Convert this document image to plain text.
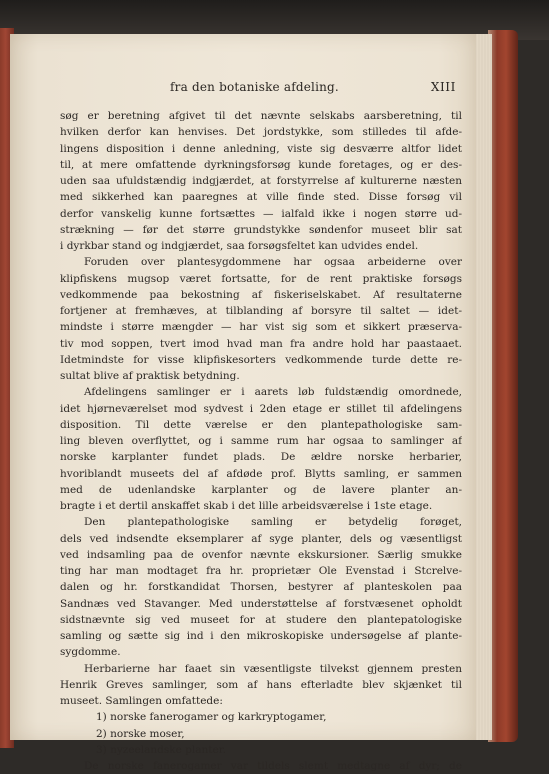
fra den botaniske afdeling.	XIII
søg er beretning afgivet til det nævnte selskabs aarsberetning, til
hvilken derfor kan henvises. Det jordstykke, som stilledes til afde-
lingens disposition i denne anledning, viste sig desværre altfor lidet
til, at mere omfattende dyrkningsforsøg kunde foretages, og er des-
uden saa ufuldstændig indgjærdet, at forstyrrelse af kulturerne næsten
med sikkerhed kan paaregnes at ville finde sted. Disse forsøg vil
derfor vanskelig kunne fortsættes — ialfald ikke i nogen større ud-
strækning — før det større grundstykke søndenfor museet blir sat
i dyrkbar stand og indgjærdet, saa forsøgsfeltet kan udvides endel.
Foruden over plantesygdommene har ogsaa arbeiderne over
klipfiskens mugsop været fortsatte, for de rent praktiske forsøgs
vedkommende paa bekostning af fiskeriselskabet. Af resultaterne
fortjener at fremhæves, at tilblanding af borsyre til saltet — idet-
mindste i større mængder — har vist sig som et sikkert præserva-
tiv mod soppen, tvert imod hvad man fra andre hold har paastaaet.
Idetmindste for visse klipfiskesorters vedkommende turde dette re-
sultat blive af praktisk betydning.
Afdelingens samlinger er i aarets løb fuldstændig omordnede,
idet hjørneværelset mod sydvest i 2den etage er stillet til afdelingens
disposition. Til dette værelse er den plantepathologiske sam-
ling bleven overflyttet, og i samme rum har ogsaa to samlinger af
norske karplanter fundet plads. De ældre norske herbarier,
hvoriblandt museets del af afdøde prof. Blytts samling, er sammen
med de udenlandske karplanter og de lavere planter an-
bragte i et dertil anskaffet skab i det lille arbeidsværelse i 1ste etage.
Den plantepathologiske samling er betydelig forøget,
dels ved indsendte eksemplarer af syge planter, dels og væsentligst
ved indsamling paa de ovenfor nævnte ekskursioner. Særlig smukke
ting har man modtaget fra hr. proprietær Ole Evenstad i Stcrelve-
dalen og hr. forstkandidat Thorsen, bestyrer af planteskolen paa
Sandnæs ved Stavanger. Med understøttelse af forstvæsenet opholdt
sidstnævnte sig ved museet for at studere den plantepatologiske
samling og sætte sig ind i den mikroskopiske undersøgelse af plante-
sygdomme.
Herbarierne har faaet sin væsentligste tilvekst gjennem presten
Henrik Greves samlinger, som af hans efterladte blev skjænket til
museet. Samlingen omfattede:
1) norske fanerogamer og karkryptogamer,
2) norske moser,
3) nyzeelandske planter.
De norske fanerogamer var tildels slemt medtagne af dyr; de
